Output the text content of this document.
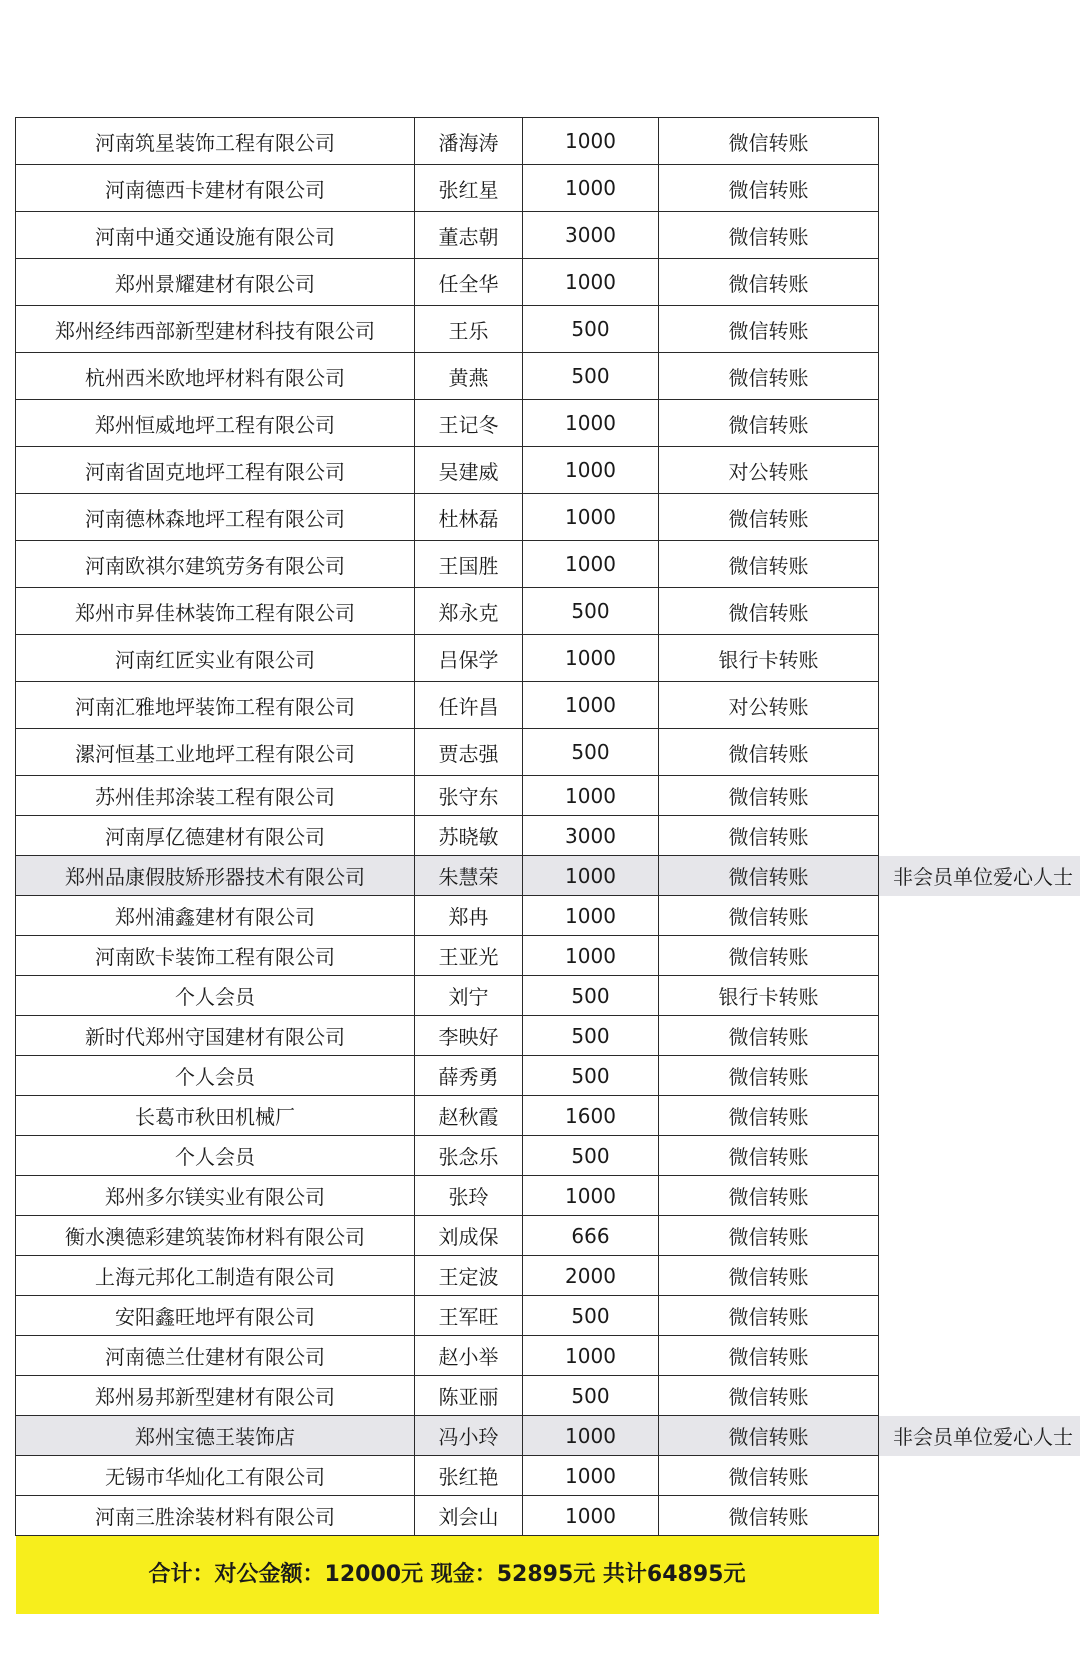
河南筑星装饰工程有限公司	潘海涛	1000	微信转账	
河南德西卡建材有限公司	张红星	1000	微信转账	
河南中通交通设施有限公司	董志朝	3000	微信转账	
郑州景耀建材有限公司	任全华	1000	微信转账	
郑州经纬西部新型建材科技有限公司	王乐	500	微信转账	
杭州西米欧地坪材料有限公司	黄燕	500	微信转账	
郑州恒威地坪工程有限公司	王记冬	1000	微信转账	
河南省固克地坪工程有限公司	吴建威	1000	对公转账	
河南德林森地坪工程有限公司	杜林磊	1000	微信转账	
河南欧祺尔建筑劳务有限公司	王国胜	1000	微信转账	
郑州市昇佳林装饰工程有限公司	郑永克	500	微信转账	
河南红匠实业有限公司	吕保学	1000	银行卡转账	
河南汇雅地坪装饰工程有限公司	任许昌	1000	对公转账	
漯河恒基工业地坪工程有限公司	贾志强	500	微信转账	
苏州佳邦涂装工程有限公司	张守东	1000	微信转账	
河南厚亿德建材有限公司	苏晓敏	3000	微信转账	
郑州品康假肢矫形器技术有限公司	朱慧荣	1000	微信转账	非会员单位爱心人士
郑州浦鑫建材有限公司	郑冉	1000	微信转账	
河南欧卡装饰工程有限公司	王亚光	1000	微信转账	
个人会员	刘宁	500	银行卡转账	
新时代郑州守国建材有限公司	李映好	500	微信转账	
个人会员	薛秀勇	500	微信转账	
长葛市秋田机械厂	赵秋霞	1600	微信转账	
个人会员	张念乐	500	微信转账	
郑州多尔镁实业有限公司	张玲	1000	微信转账	
衡水澳德彩建筑装饰材料有限公司	刘成保	666	微信转账	
上海元邦化工制造有限公司	王定波	2000	微信转账	
安阳鑫旺地坪有限公司	王军旺	500	微信转账	
河南德兰仕建材有限公司	赵小举	1000	微信转账	
郑州易邦新型建材有限公司	陈亚丽	500	微信转账	
郑州宝德王装饰店	冯小玲	1000	微信转账	非会员单位爱心人士
无锡市华灿化工有限公司	张红艳	1000	微信转账	
河南三胜涂装材料有限公司	刘会山	1000	微信转账	
合计：对公金额：12000元 现金：52895元 共计64895元				
